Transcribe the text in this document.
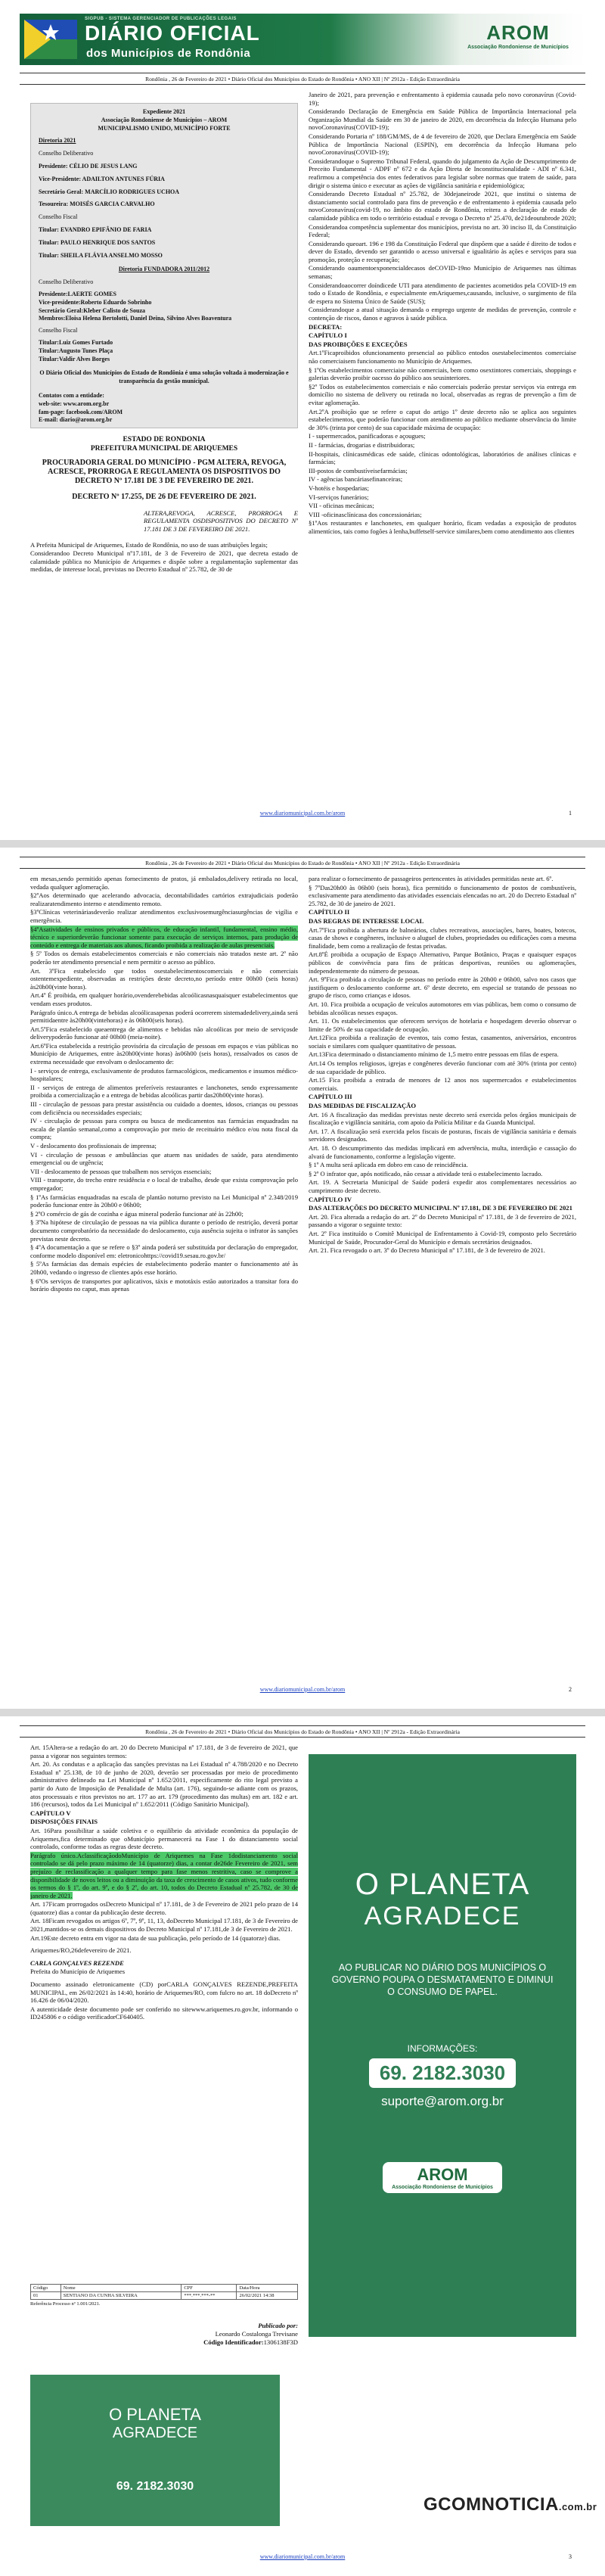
SIGPUB - SISTEMA GERENCIADOR DE PUBLICAÇÕES LEGAIS
DIÁRIO OFICIAL
dos Municípios de Rondônia
AROM
Associação Rondoniense de Municípios
Rondônia , 26 de Fevereiro de 2021 • Diário Oficial dos Municípios do Estado de Rondônia • ANO XII | Nº 2912a - Edição Extraordinária
Expediente 2021
Associação Rondoniense de Municípios – AROM
MUNICIPALISMO UNIDO, MUNICÍPIO FORTE
Diretoria 2021
Conselho Deliberativo
Presidente: CÉLIO DE JESUS LANG
Vice-Presidente: ADAILTON ANTUNES FÚRIA
Secretário Geral: MARCÍLIO RODRIGUES UCHOA
Tesoureira: MOISÉS GARCIA CARVALHO
Conselho Fiscal
Titular: EVANDRO EPIFÂNIO DE FARIA
Titular: PAULO HENRIQUE DOS SANTOS
Titular: SHEILA FLÁVIA ANSELMO MOSSO
Diretoria FUNDADORA 2011/2012
Conselho Deliberativo
Presidente:LAERTE GOMES
Vice-presidente:Roberto Eduardo Sobrinho
Secretário Geral:Kleber Calisto de Souza
Membros:Eloisa Helena Bertolotti, Daniel Deina, Silvino Alves Boaventura
Conselho Fiscal
Titular:Luiz Gomes Furtado
Titular:Augusto Tunes Plaça
Titular:Valdir Alves Borges
O Diário Oficial dos Municípios do Estado de Rondônia é uma solução voltada à modernização e transparência da gestão municipal.
Contatos com a entidade:
web-site: www.arom.org.br
fam-page: facebook.com/AROM
E-mail: diario@arom.org.br

ESTADO DE RONDÔNIA

PREFEITURA MUNICIPAL DE ARIQUEMES

PROCURADORIA GERAL DO MUNICÍPIO - PGM ALTERA, REVOGA, ACRESCE, PRORROGA E REGULAMENTA OS DISPOSITIVOS DO DECRETO Nº 17.181 DE 3 DE FEVEREIRO DE 2021.

DECRETO Nº 17.255, DE 26 DE FEVEREIRO DE 2021.

ALTERA,REVOGA, ACRESCE, PRORROGA E REGULAMENTA OSDISPOSITIVOS DO DECRETO Nº 17.181 DE 3 DE FEVEREIRO DE 2021.

A Prefeita Municipal de Ariquemes, Estado de Rondônia, no uso de suas atribuições legais;

Considerandoo Decreto Municipal nº17.181, de 3 de Fevereiro de 2021, que decreta estado de calamidade pública no Município de Ariquemes e dispõe sobre a regulamentação suplementar das medidas, de interesse local, previstas no Decreto Estadual nº 25.782, de 30 de

Janeiro de 2021, para prevenção e enfrentamento à epidemia causada pelo novo coronavírus (Covid-19);

Considerando Declaração de Emergência em Saúde Pública de Importância Internacional pela Organização Mundial da Saúde em 30 de janeiro de 2020, em decorrência da Infecção Humana pelo novoCoronavírus(COVID-19);

Considerando Portaria nº 188/GM/MS, de 4 de fevereiro de 2020, que Declara Emergência em Saúde Pública de Importância Nacional (ESPIN), em decorrência da Infecção Humana pelo novoCoronavírus(COVID-19);

Considerandoque o Supremo Tribunal Federal, quando do julgamento da Ação de Descumprimento de Preceito Fundamental - ADPF nº 672 e da Ação Direta de Inconstitucionalidade - ADI nº 6.341, reafirmou a competência dos entes federativos para legislar sobre normas que tratem de saúde, para dirigir o sistema único e executar as ações de vigilância sanitária e epidemiológica;

Considerando Decreto Estadual nº 25.782, de 30dejaneirode 2021, que institui o sistema de distanciamento social controlado para fins de prevenção e de enfrentamento à epidemia causada pelo novoCoronavírus(covid-19, no âmbito do estado de Rondônia, reitera a declaração de estado de calamidade pública em todo o território estadual e revoga o Decreto nº 25.470, de21deoutubrode 2020;

Considerandoa competência suplementar dos municípios, prevista no art. 30 inciso II, da Constituição Federal;

Considerando queoart. 196 e 198 da Constituição Federal que dispõem que a saúde é direito de todos e dever do Estado, devendo ser garantido o acesso universal e igualitário às ações e serviços para sua promoção, proteção e recuperação;

Considerando oaumentoexponencialdecasos deCOVID-19no Município de Ariquemes nas últimas semanas;

Considerandoaocorrer doíndicede UTI para atendimento de pacientes acometidos pela COVID-19 em todo o Estado de Rondônia, e especialmente emAriquemes,causando, inclusive, o surgimento de fila de espera no Sistema Único de Saúde (SUS);

Considerandoque a atual situação demanda o emprego urgente de medidas de prevenção, controle e contenção de riscos, danos e agravos à saúde pública.

DECRETA:

CAPÍTULO I

DAS PROIBIÇÕES E EXCEÇÕES

Art.1ºFicaproibidos ofuncionamento presencial ao público entodos osestabelecimentos comerciaise não comerciaisem funcionamento no Município de Ariquemes.

§ 1ºOs estabelecimentos comerciaise não comerciais, bem como osextintores comerciais, shoppings e galerias deverão proibir oacesso do público aos seusinteriores.

§2º Todos os estabelecimentos comerciais e não comerciais poderão prestar serviços via entrega em domicílio no sistema de delivery ou retirada no local, observadas as regras de prevenção a fim de evitar aglomeração.

Art.2ºA proibição que se refere o caput do artigo 1º deste decreto não se aplica aos seguintes estabelecimentos, que poderão funcionar com atendimento ao público mediante observância do limite de 30% (trinta por cento) de sua capacidade máxima de ocupação:

I - supermercados, panificadoras e açougues;

II - farmácias, drogarias e distribuidoras;

II-hospitais, clínicasmédicas ede saúde, clínicas odontológicas, laboratórios de análises clínicas e farmácias;

III-postos de combustíveisefarmácias;

IV - agências bancáriasefinanceiras;

V-hotéis e hospedarias;

VI-serviços funerários;

VII - oficinas mecânicas;

VIII -oficinasclínicasa dos concessionárias;

§1ºAos restaurantes e lanchonetes, em qualquer horário, ficam vedadas a exposição de produtos alimentícios, tais como fogões à lenha,buffetself-service similares,bem como atendimento aos clientes

www.diariomunicipal.com.br/arom	1
Rondônia , 26 de Fevereiro de 2021 • Diário Oficial dos Municípios do Estado de Rondônia • ANO XII | Nº 2912a - Edição Extraordinária

em mesas,sendo permitido apenas fornecimento de pratos, já embalados,delivery retirada no local, vedada qualquer aglomeração.

§2ºAos determinado que acelerando advocacia, decontabilidades cartórios extrajudiciais poderão realizaratendimento interno e atendimento remoto.

§3ºClínicas veterináriasdeverão realizar atendimentos exclusivosemurgênciasurgências de vigília e emergência.

§4ºAsatividades de ensinos privados e públicos, de educação infantil, fundamental, ensino médio, técnico e superiordeverão funcionar somente para execução de serviços internos, para produção de conteúdo e entrega de materiais aos alunos, ficando proibida a realização de aulas presenciais.

§ 5º Todos os demais estabelecimentos comerciais e não comerciais não tratados neste art. 2º não poderão ter atendimento presencial e nem permitir o acesso ao público.

Art. 3ºFica estabelecido que todos osestabelecimentoscomerciais e não comerciais ostentemexpediente, observadas as restrições deste decreto,no período entre 00h00 (seis horas) às20h00(vinte horas).

Art.4º É proibida, em qualquer horário,ovenderebebidas alcoólicasnasquaisquer estabelecimentos que vendam esses produtos.

Parágrafo único.A entrega de bebidas alcoólicasapenas poderá ocorrerem sistemadedelivery,ainda será permitidaentre às20h00(vintehoras) e às 06h00(seis horas).

Art.5ºFica estabelecido queaentrega de alimentos e bebidas não alcoólicas por meio de serviçosde deliverypoderão funcionar até 00h00 (meia-noite).

Art.6ºFica estabelecida a restrição provisória da circulação de pessoas em espaços e vias públicas no Município de Ariquemes, entre às20h00(vinte horas) às06h00 (seis horas), ressalvados os casos de extrema necessidade que envolvam o deslocamento de:

I - serviços de entrega, exclusivamente de produtos farmacológicos, medicamentos e insumos médico-hospitalares;

II - serviços de entrega de alimentos preferíveis restaurantes e lanchonetes, sendo expressamente proibida a comercialização e a entrega de bebidas alcoólicas partir das20h00(vinte horas).

III - circulação de pessoas para prestar assistência ou cuidado a doentes, idosos, crianças ou pessoas com deficiência ou necessidades especiais;

IV - circulação de pessoas para compra ou busca de medicamentos nas farmácias enquadradas na escala de plantão semanal,como a comprovação por meio de receituário médico e/ou nota fiscal da compra;

V - deslocamento dos profissionais de imprensa;

VI - circulação de pessoas e ambulâncias que atuem nas unidades de saúde, para atendimento emergencial ou de urgência;

VII - deslocamento de pessoas que trabalhem nos serviços essenciais;

VIII - transporte, do trecho entre residência e o local de trabalho, desde que exista comprovação pelo empregador;

§ 1ºAs farmácias enquadradas na escala de plantão noturno previsto na Lei Municipal nº 2.348/2019 poderão funcionar entre às 20h00 e 06h00;

§ 2ºO comércio de gás de cozinha e água mineral poderão funcionar até às 22h00;

§ 3ºNa hipótese de circulação de pessoas na via pública durante o período de restrição, deverá portar documento comprobatório da necessidade do deslocamento, cuja ausência sujeita o infrator às sanções previstas neste decreto.

§ 4ºA documentação a que se refere o §3º ainda poderá ser substituída por declaração do empregador, conforme modelo disponível em: eletronicohttps://covid19.sesau.ro.gov.br/

§ 5ºAs farmácias das demais espécies de estabelecimento poderão manter o funcionamento até às 20h00, vedando o ingresso de clientes após esse horário.

§ 6ºOs serviços de transportes por aplicativos, táxis e mototáxis estão autorizados a transitar fora do horário disposto no caput, mas apenas

para realizar o fornecimento de passageiros pertencentes às atividades permitidas neste art. 6º.

§ 7ºDas20h00 às 06h00 (seis horas), fica permitido o funcionamento de postos de combustíveis, exclusivamente para atendimento das atividades essenciais elencadas no art. 20 do Decreto Estadual nº 25.782, de 30 de janeiro de 2021.

CAPÍTULO II

DAS REGRAS DE INTERESSE LOCAL

Art.7ºFica proibida a abertura de balneários, clubes recreativos, associações, bares, boates, botecos, casas de shows e congêneres, inclusive o aluguel de clubes, propriedades ou edificações com a mesma finalidade, bem como a realização de festas privadas.

Art.8ºÉ proibida a ocupação de Espaço Alternativo, Parque Botânico, Praças e quaisquer espaços públicos de convivência para fins de práticas desportivas, reuniões ou aglomerações, independentemente do número de pessoas.

Art. 9ºFica proibida a circulação de pessoas no período entre às 20h00 e 06h00, salvo nos casos que justifiquem o deslocamento conforme art. 6º deste decreto, em especial se tratando de pessoas no grupo de risco, como crianças e idosos.

Art. 10. Fica proibida a ocupação de veículos automotores em vias públicas, bem como o consumo de bebidas alcoólicas nesses espaços.

Art. 11. Os estabelecimentos que oferecem serviços de hotelaria e hospedagem deverão observar o limite de 50% de sua capacidade de ocupação.

Art.12Fica proibida a realização de eventos, tais como festas, casamentos, aniversários, encontros sociais e similares com qualquer quantitativo de pessoas.

Art.13Fica determinado o distanciamento mínimo de 1,5 metro entre pessoas em filas de espera.

Art.14 Os templos religiosos, igrejas e congêneres deverão funcionar com até 30% (trinta por cento) de sua capacidade de público.

Art.15 Fica proibida a entrada de menores de 12 anos nos supermercados e estabelecimentos comerciais.

CAPÍTULO III

DAS MEDIDAS DE FISCALIZAÇÃO

Art. 16 A fiscalização das medidas previstas neste decreto será exercida pelos órgãos municipais de fiscalização e vigilância sanitária, com apoio da Polícia Militar e da Guarda Municipal.

Art. 17. A fiscalização será exercida pelos fiscais de posturas, fiscais de vigilância sanitária e demais servidores designados.

Art. 18. O descumprimento das medidas implicará em advertência, multa, interdição e cassação do alvará de funcionamento, conforme a legislação vigente.

§ 1º A multa será aplicada em dobro em caso de reincidência.

§ 2º O infrator que, após notificado, não cessar a atividade terá o estabelecimento lacrado.

Art. 19. A Secretaria Municipal de Saúde poderá expedir atos complementares necessários ao cumprimento deste decreto.

CAPÍTULO IV

DAS ALTERAÇÕES DO DECRETO MUNICIPAL Nº 17.181, DE 3 DE FEVEREIRO DE 2021

Art. 20. Fica alterada a redação do art. 2º do Decreto Municipal nº 17.181, de 3 de fevereiro de 2021, passando a vigorar o seguinte texto:

Art. 2º Fica instituído o Comitê Municipal de Enfrentamento à Covid-19, composto pelo Secretário Municipal de Saúde, Procurador-Geral do Município e demais secretários designados.

Art. 21. Fica revogado o art. 3º do Decreto Municipal nº 17.181, de 3 de fevereiro de 2021.

www.diariomunicipal.com.br/arom	2
Rondônia , 26 de Fevereiro de 2021 • Diário Oficial dos Municípios do Estado de Rondônia • ANO XII | Nº 2912a - Edição Extraordinária

Art. 15Altera-se a redação do art. 20 do Decreto Municipal nº 17.181, de 3 de fevereiro de 2021, que passa a vigorar nos seguintes termos:

Art. 20. As condutas e a aplicação das sanções previstas na Lei Estadual nº 4.788/2020 e no Decreto Estadual nº 25.138, de 10 de junho de 2020, deverão ser processadas por meio de procedimento administrativo delineado na Lei Municipal nº 1.652/2011, especificamente do rito legal previsto a partir do Auto de Imposição de Penalidade de Multa (art. 176), seguindo-se adiante com os prazos, atos processuais e ritos previstos no art. 177 ao art. 179 (procedimento das multas) em art. 182 e art. 186 (recursos), todos da Lei Municipal nº 1.652/2011 (Código Sanitário Municipal).

CAPÍTULO V

DISPOSIÇÕES FINAIS

Art. 16Para possibilitar a saúde coletiva e o equilíbrio da atividade econômica da população de Ariquemes,fica determinado que oMunicípio permanecerá na Fase 1 do distanciamento social controlado, conforme todas as regras deste decreto.

Parágrafo único.AclassificaçãodoMunicípio de Ariquemes na Fase 1dodistanciamento social controlado se dá pelo prazo máximo de 14 (quatorze) dias, a contar de26de Fevereiro de 2021, sem prejuízo de reclassificação a qualquer tempo para fase menos restritiva, caso se comprove a disponibilidade de novos leitos ou a diminuição da taxa de crescimento de casos ativos, tudo conforme os termos do § 1º, do art. 9º, e do § 2º, do art. 10, todos do Decreto Estadual nº 25.782, de 30 de janeiro de 2021.

Art. 17Ficam prorrogados osDecreto Municipal nº 17.181, de 3 de Fevereiro de 2021 pelo prazo de 14 (quatorze) dias a contar da publicação deste decreto.

Art. 18Ficam revogados os artigos 6º, 7º, 9º, 11, 13, doDecreto Municipal 17.181, de 3 de Fevereiro de 2021,mantidos-se os demais dispositivos do Decreto Municipal nº 17.181,de 3 de Fevereiro de 2021.

Art.19Este decreto entra em vigor na data de sua publicação, pelo período de 14 (quatorze) dias.

Ariquemes/RO,26defevereiro de 2021.

CARLA GONÇALVES REZENDE

Prefeita do Município de Ariquemes

Documento assinado eletronicamente (CD) porCARLA GONÇALVES REZENDE,PREFEITA MUNICIPAL, em 26/02/2021 às 14:40, horário de Ariquemes/RO, com fulcro no art. 18 doDecreto nº 16.426 de 06/04/2020.

A autenticidade deste documento pode ser conferido no sitewww.ariquemes.ro.gov.br, informando o ID245806 e o código verificadorCF640405.

Código	Nome	CPF	Data/Hora
01	SENTIANO DA CUNHA SILVEIRA	***.***.***-**	26/02/2021 14:38
Referência Processo nº 1.001/2021.
Publicado por:
Leonardo Costalonga Trevisane
Código Identificador:1306138F3D
O PLANETA
AGRADECE
AO PUBLICAR NO DIÁRIO DOS MUNICÍPIOS O GOVERNO POUPA O DESMATAMENTO E DIMINUI O CONSUMO DE PAPEL.
INFORMAÇÕES:
69. 2182.3030
suporte@arom.org.br
AROM
Associação Rondoniense de Municípios
O PLANETA
AGRADECE
69. 2182.3030
GCOMNOTICIA.com.br
www.diariomunicipal.com.br/arom	3
